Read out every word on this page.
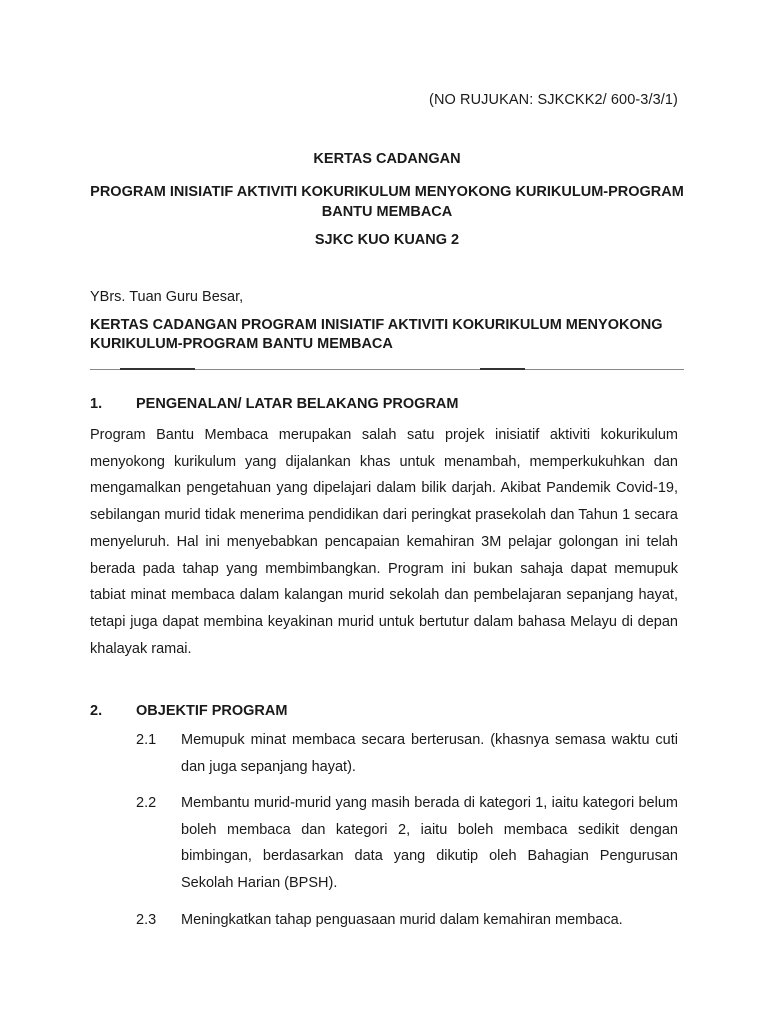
(NO RUJUKAN: SJKCKK2/ 600-3/3/1)
KERTAS CADANGAN
PROGRAM INISIATIF AKTIVITI KOKURIKULUM MENYOKONG KURIKULUM-PROGRAM BANTU MEMBACA
SJKC KUO KUANG 2
YBrs. Tuan Guru Besar,
KERTAS CADANGAN PROGRAM INISIATIF AKTIVITI KOKURIKULUM MENYOKONG KURIKULUM-PROGRAM BANTU MEMBACA
1. PENGENALAN/ LATAR BELAKANG PROGRAM
Program Bantu Membaca merupakan salah satu projek inisiatif aktiviti kokurikulum menyokong kurikulum yang dijalankan khas untuk menambah, memperkukuhkan dan mengamalkan pengetahuan yang dipelajari dalam bilik darjah. Akibat Pandemik Covid-19, sebilangan murid tidak menerima pendidikan dari peringkat prasekolah dan Tahun 1 secara menyeluruh. Hal ini menyebabkan pencapaian kemahiran 3M pelajar golongan ini telah berada pada tahap yang membimbangkan. Program ini bukan sahaja dapat memupuk tabiat minat membaca dalam kalangan murid sekolah dan pembelajaran sepanjang hayat, tetapi juga dapat membina keyakinan murid untuk bertutur dalam bahasa Melayu di depan khalayak ramai.
2. OBJEKTIF PROGRAM
2.1 Memupuk minat membaca secara berterusan. (khasnya semasa waktu cuti dan juga sepanjang hayat).
2.2 Membantu murid-murid yang masih berada di kategori 1, iaitu kategori belum boleh membaca dan kategori 2, iaitu boleh membaca sedikit dengan bimbingan, berdasarkan data yang dikutip oleh Bahagian Pengurusan Sekolah Harian (BPSH).
2.3 Meningkatkan tahap penguasaan murid dalam kemahiran membaca.
